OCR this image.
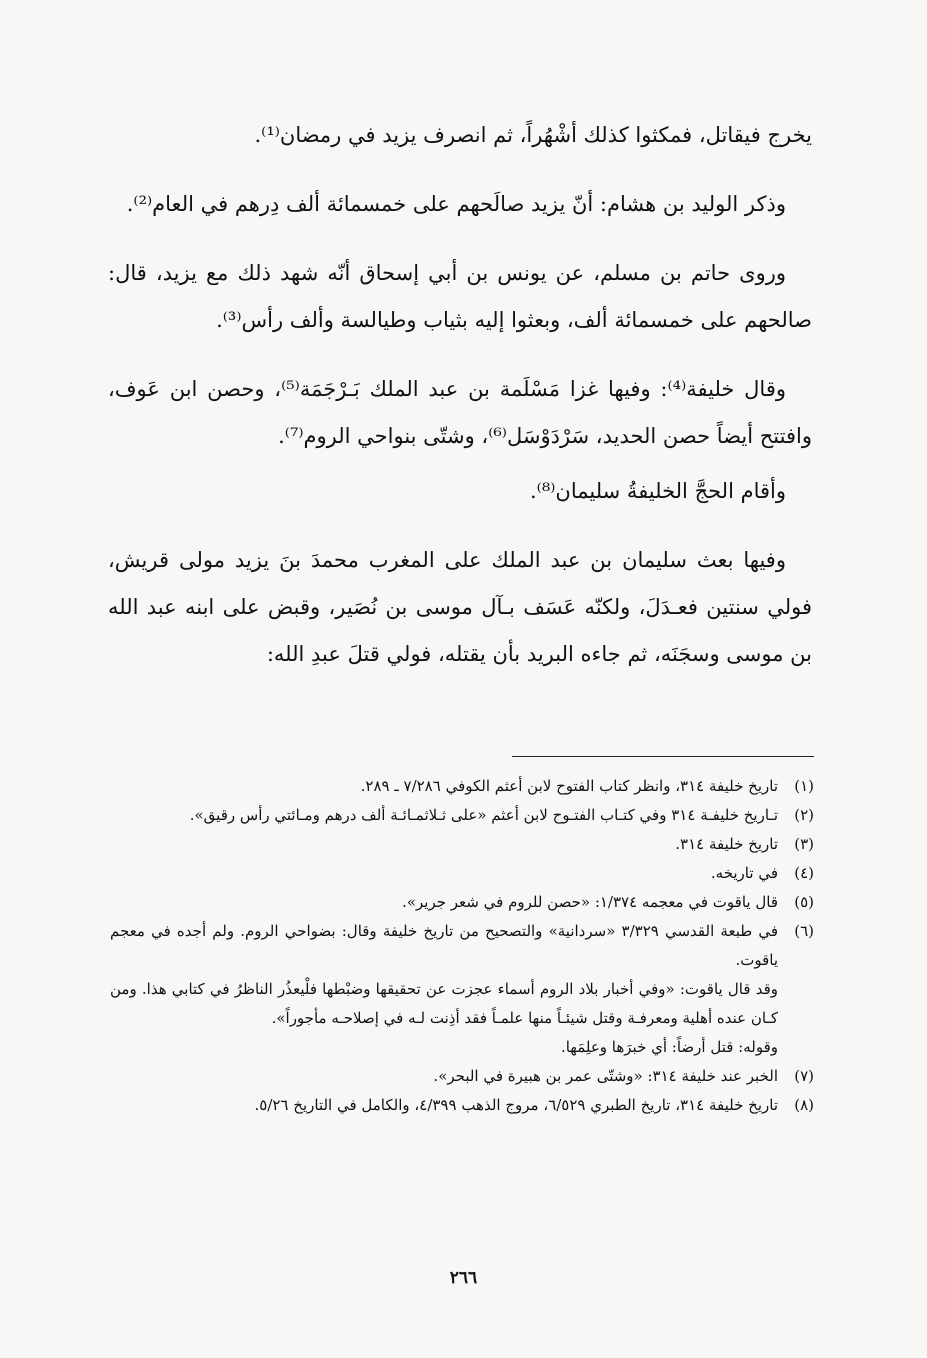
يخرج فيقاتل، فمكثوا كذلك أشْهُراً، ثم انصرف يزيد في رمضان⁽¹⁾.

وذكر الوليد بن هشام: أنّ يزيد صالَحهم على خمسمائة ألف دِرهم في العام⁽²⁾.

وروى حاتم بن مسلم، عن يونس بن أبي إسحاق أنّه شهد ذلك مع يزيد، قال: صالحهم على خمسمائة ألف، وبعثوا إليه بثياب وطيالسة وألف رأس⁽³⁾.

وقال خليفة⁽⁴⁾: وفيها غزا مَسْلَمة بن عبد الملك بَـرْجَمَة⁽⁵⁾، وحصن ابن عَوف، وافتتح أيضاً حصن الحديد، سَرْدَوْسَل⁽⁶⁾، وشتّى بنواحي الروم⁽⁷⁾.

وأقام الحجَّ الخليفةُ سليمان⁽⁸⁾.

وفيها بعث سليمان بن عبد الملك على المغرب محمدَ بنَ يزيد مولى قريش، فولي سنتين فعـدَلَ، ولكنّه عَسَف بـآل موسى بن نُصَير، وقبض على ابنه عبد الله بن موسى وسجَنَه، ثم جاءه البريد بأن يقتله، فولي قتلَ عبدِ الله:

(١)
تاريخ خليفة ٣١٤، وانظر كتاب الفتوح لابن أعثم الكوفي ٧/٢٨٦ ـ ٢٨٩.
(٢)
تـاريخ خليفـة ٣١٤ وفي كتـاب الفتـوح لابن أعثم «على ثـلاثمـائـة ألف درهم ومـائتي رأس رقيق».
(٣)
تاريخ خليفة ٣١٤.
(٤)
في تاريخه.
(٥)
قال ياقوت في معجمه ١/٣٧٤: «حصن للروم في شعر جرير».
(٦)
في طبعة القدسي ٣/٣٢٩ «سردانية» والتصحيح من تاريخ خليفة وقال: بضواحي الروم. ولم أجده في معجم ياقوت.
وقد قال ياقوت: «وفي أخبار بلاد الروم أسماء عجزت عن تحقيقها وضبْطها فلْيعذُر الناظرُ في كتابي هذا. ومن كـان عنده أهلية ومعرفـة وقتل شيئـاً منها علمـاً فقد أذِنت لـه في إصلاحـه مأجوراً».
وقوله: قتل أرضاً: أي خبرَها وعلِمَها.
(٧)
الخبر عند خليفة ٣١٤: «وشتّى عمر بن هبيرة في البحر».
(٨)
تاريخ خليفة ٣١٤، تاريخ الطبري ٦/٥٢٩، مروج الذهب ٤/٣٩٩، والكامل في التاريخ ٥/٢٦.
٢٦٦
